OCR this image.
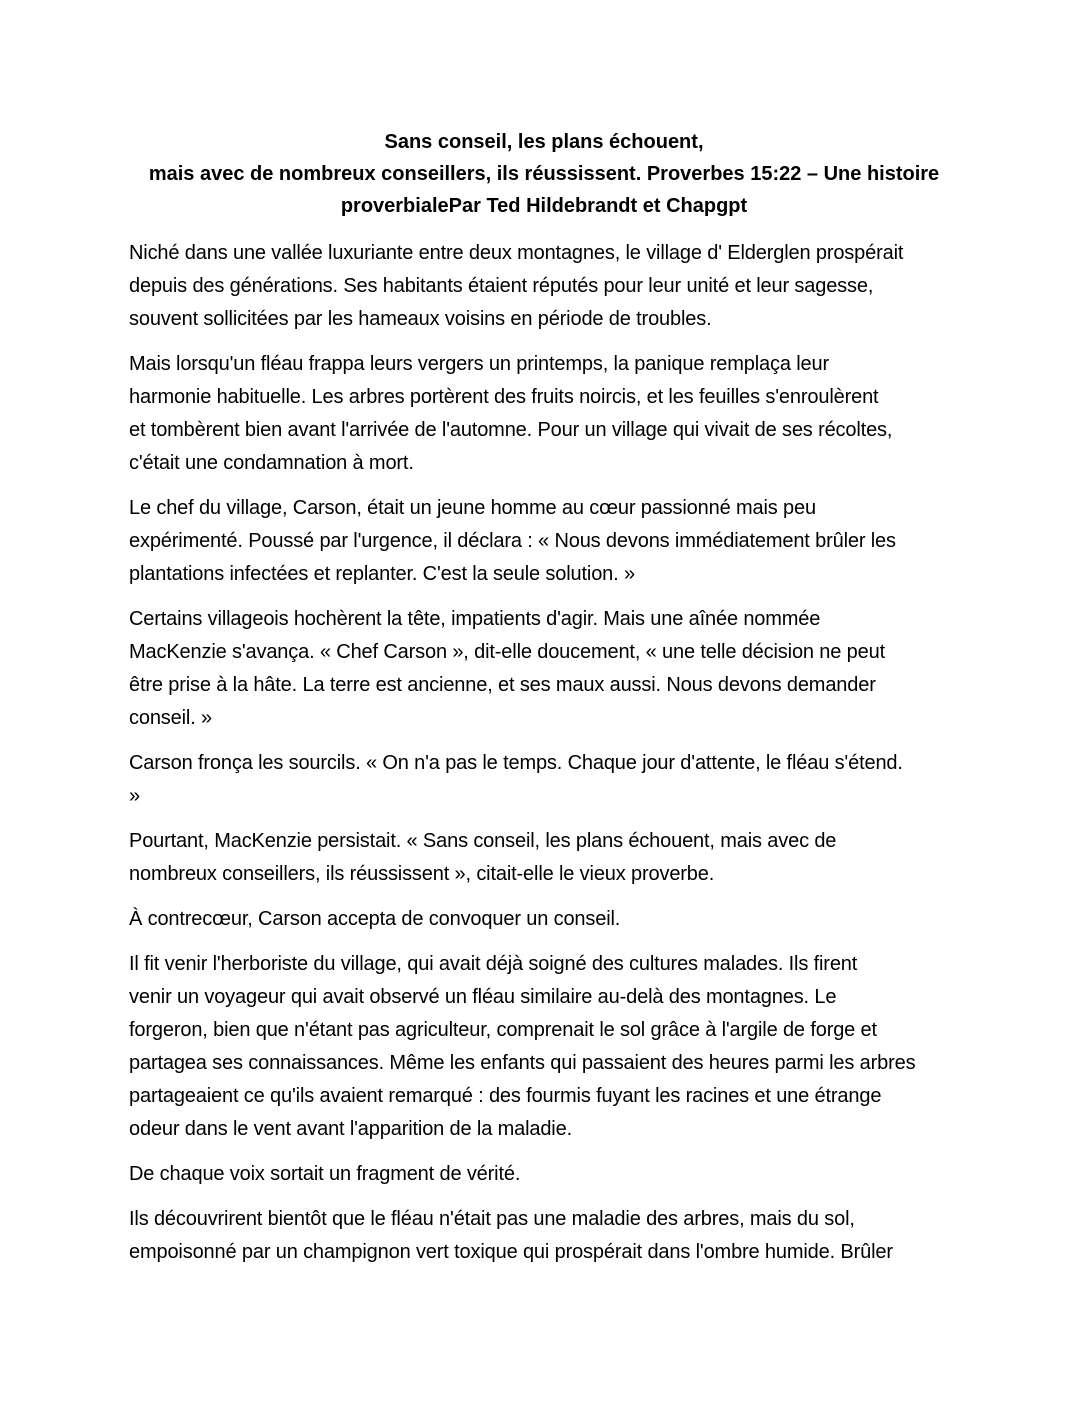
Sans conseil, les plans échouent,
mais avec de nombreux conseillers, ils réussissent. Proverbes 15:22 – Une histoire
proverbialePar Ted Hildebrandt et Chapgpt

Niché dans une vallée luxuriante entre deux montagnes, le village d' Elderglen prospérait
depuis des générations. Ses habitants étaient réputés pour leur unité et leur sagesse,
souvent sollicitées par les hameaux voisins en période de troubles.

Mais lorsqu'un fléau frappa leurs vergers un printemps, la panique remplaça leur
harmonie habituelle. Les arbres portèrent des fruits noircis, et les feuilles s'enroulèrent
et tombèrent bien avant l'arrivée de l'automne. Pour un village qui vivait de ses récoltes,
c'était une condamnation à mort.

Le chef du village, Carson, était un jeune homme au cœur passionné mais peu
expérimenté. Poussé par l'urgence, il déclara : « Nous devons immédiatement brûler les
plantations infectées et replanter. C'est la seule solution. »

Certains villageois hochèrent la tête, impatients d'agir. Mais une aînée nommée
MacKenzie s'avança. « Chef Carson », dit-elle doucement, « une telle décision ne peut
être prise à la hâte. La terre est ancienne, et ses maux aussi. Nous devons demander
conseil. »

Carson fronça les sourcils. « On n'a pas le temps. Chaque jour d'attente, le fléau s'étend.
»

Pourtant, MacKenzie persistait. « Sans conseil, les plans échouent, mais avec de
nombreux conseillers, ils réussissent », citait-elle le vieux proverbe.

À contrecœur, Carson accepta de convoquer un conseil.

Il fit venir l'herboriste du village, qui avait déjà soigné des cultures malades. Ils firent
venir un voyageur qui avait observé un fléau similaire au-delà des montagnes. Le
forgeron, bien que n'étant pas agriculteur, comprenait le sol grâce à l'argile de forge et
partagea ses connaissances. Même les enfants qui passaient des heures parmi les arbres
partageaient ce qu'ils avaient remarqué : des fourmis fuyant les racines et une étrange
odeur dans le vent avant l'apparition de la maladie.

De chaque voix sortait un fragment de vérité.

Ils découvrirent bientôt que le fléau n'était pas une maladie des arbres, mais du sol,
empoisonné par un champignon vert toxique qui prospérait dans l'ombre humide. Brûler
